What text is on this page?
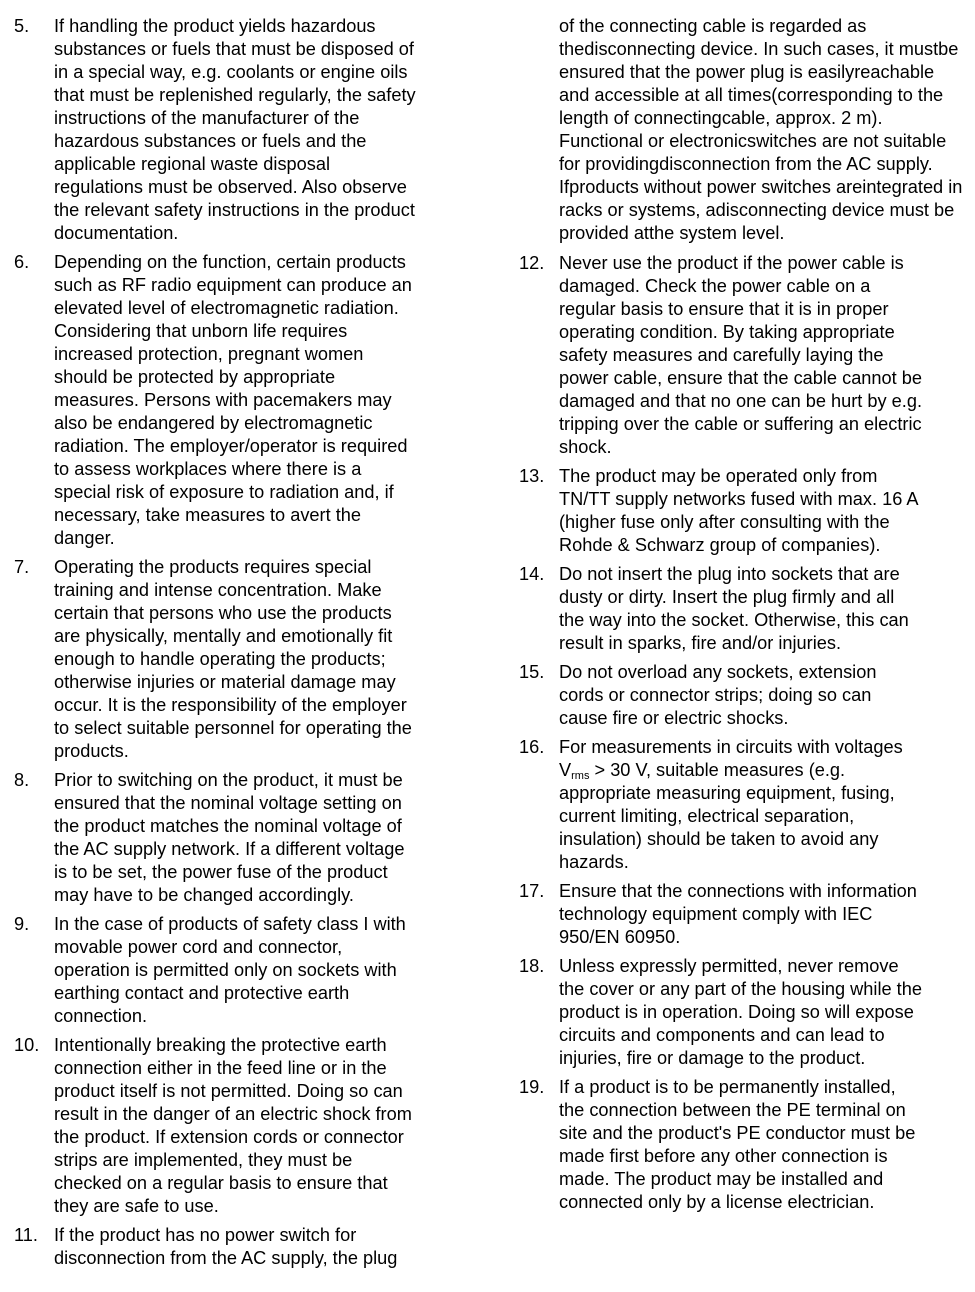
5.	If handling the product yields hazardous
substances or fuels that must be disposed of
in a special way, e.g. coolants or engine oils
that must be replenished regularly, the safety
instructions of the manufacturer of the
hazardous substances or fuels and the
applicable regional waste disposal
regulations must be observed. Also observe
the relevant safety instructions in the product
documentation.
6.	Depending on the function, certain products
such as RF radio equipment can produce an
elevated level of electromagnetic radiation.
Considering that unborn life requires
increased protection, pregnant women
should be protected by appropriate
measures. Persons with pacemakers may
also be endangered by electromagnetic
radiation. The employer/operator is required
to assess workplaces where there is a
special risk of exposure to radiation and, if
necessary, take measures to avert the
danger.
7.	Operating the products requires special
training and intense concentration. Make
certain that persons who use the products
are physically, mentally and emotionally fit
enough to handle operating the products;
otherwise injuries or material damage may
occur. It is the responsibility of the employer
to select suitable personnel for operating the
products.
8.	Prior to switching on the product, it must be
ensured that the nominal voltage setting on
the product matches the nominal voltage of
the AC supply network. If a different voltage
is to be set, the power fuse of the product
may have to be changed accordingly.
9.	In the case of products of safety class I with
movable power cord and connector,
operation is permitted only on sockets with
earthing contact and protective earth
connection.
10. Intentionally breaking the protective earth
connection either in the feed line or in the
product itself is not permitted. Doing so can
result in the danger of an electric shock from
the product. If extension cords or connector
strips are implemented, they must be
checked on a regular basis to ensure that
they are safe to use.
11. If the product has no power switch for
disconnection from the AC supply, the plug
of the connecting cable is regarded as thedisconnecting device. In such cases, it mustbe ensured that the power plug is easilyreachable and accessible at all times(corresponding to the length of connectingcable, approx. 2 m). Functional or electronicswitches are not suitable for providingdisconnection from the AC supply. Ifproducts without power switches areintegrated in racks or systems, adisconnecting device must be provided atthe system level.
12. Never use the product if the power cable is
damaged. Check the power cable on a
regular basis to ensure that it is in proper
operating condition. By taking appropriate
safety measures and carefully laying the
power cable, ensure that the cable cannot be
damaged and that no one can be hurt by e.g.
tripping over the cable or suffering an electric
shock.
13. The product may be operated only from
TN/TT supply networks fused with max. 16 A
(higher fuse only after consulting with the
Rohde & Schwarz group of companies).
14. Do not insert the plug into sockets that are
dusty or dirty. Insert the plug firmly and all
the way into the socket. Otherwise, this can
result in sparks, fire and/or injuries.
15. Do not overload any sockets, extension
cords or connector strips; doing so can
cause fire or electric shocks.
16. For measurements in circuits with voltages
$V_{rms} > 30$ V, suitable measures (e.g.
appropriate measuring equipment, fusing,
current limiting, electrical separation,
insulation) should be taken to avoid any
hazards.
17. Ensure that the connections with information
technology equipment comply with IEC
950/EN 60950.
18. Unless expressly permitted, never remove
the cover or any part of the housing while the
product is in operation. Doing so will expose
circuits and components and can lead to
injuries, fire or damage to the product.
19. If a product is to be permanently installed,
the connection between the PE terminal on
site and the product's PE conductor must be
made first before any other connection is
made. The product may be installed and
connected only by a license electrician.
